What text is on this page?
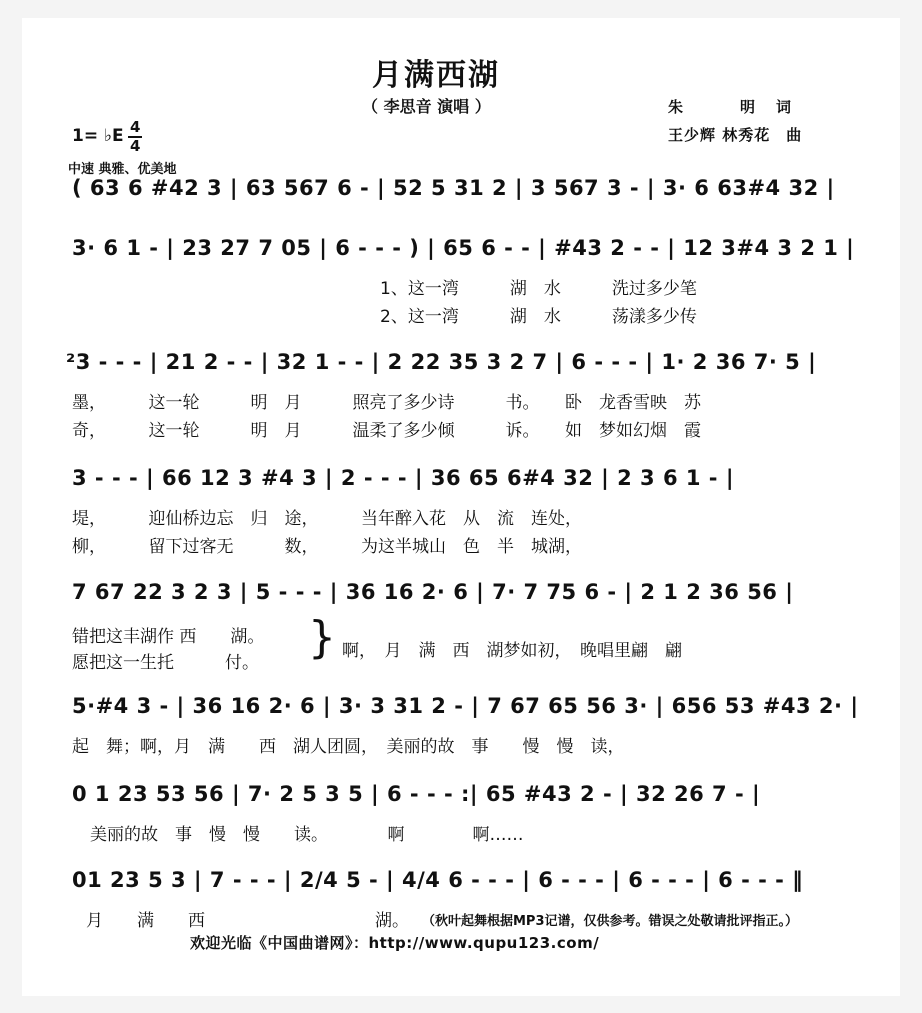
月满西湖
（ 李思音 演唱 ）	朱　　　明　词
王少辉 林秀花　曲
1= ♭E 4
4
中速 典雅、优美地
( 63 6 #42 3 | 63 567 6 - | 52 5 31 2 | 3 567 3 - | 3· 6 63#4 32 |
3· 6 1 - | 23 27 7 05 | 6 - - - ) | 65 6 - - | #43 2 - - | 12 3#4 3 2 1 |
1、这一湾　　　湖　水　　　洗过多少笔
2、这一湾　　　湖　水　　　荡漾多少传
²3 - - - | 21 2 - - | 32 1 - - | 2 22 35 3 2 7 | 6 - - - | 1· 2 36 7· 5 |
墨，　　　这一轮　　　明　月　　　照亮了多少诗　　　书。　　卧　龙香雪映　苏
奇，　　　这一轮　　　明　月　　　温柔了多少倾　　　诉。　　如　梦如幻烟　霞
3 - - - | 66 12 3 #4 3 | 2 - - - | 36 65 6#4 32 | 2 3 6 1 - |
堤，　　　迎仙桥边忘　归　途，　　　当年醉入花　从　流　连处，
柳，　　　留下过客无　　　数，　　　为这半城山　色　半　城湖，
7 67 22 3 2 3 | 5 - - - | 36 16 2· 6 | 7· 7 75 6 - | 2 1 2 36 56 |
错把这丰湖作 西　　湖。
愿把这一生托　　　付。 } 啊，　月　满　西　湖梦如初，　晚唱里翩　翩
5·#4 3 - | 36 16 2· 6 | 3· 3 31 2 - | 7 67 65 56 3· | 656 53 #43 2· |
起　舞；啊，月　满　　西　湖人团圆，　美丽的故　事　　慢　慢　读，
0 1 23 53 56 | 7· 2 5 3 5 | 6 - - - :| 65 #43 2 - | 32 26 7 - |
美丽的故　事　慢　慢　　读。　　　　啊　　　　啊……
01 23 5 3 | 7 - - - | 2/4 5 - | 4/4 6 - - - | 6 - - - | 6 - - - | 6 - - - ‖
月　　满　　西　　　　　　　　　　湖。 （秋叶起舞根据MP3记谱，仅供参考。错误之处敬请批评指正。）
欢迎光临《中国曲谱网》：http://www.qupu123.com/
